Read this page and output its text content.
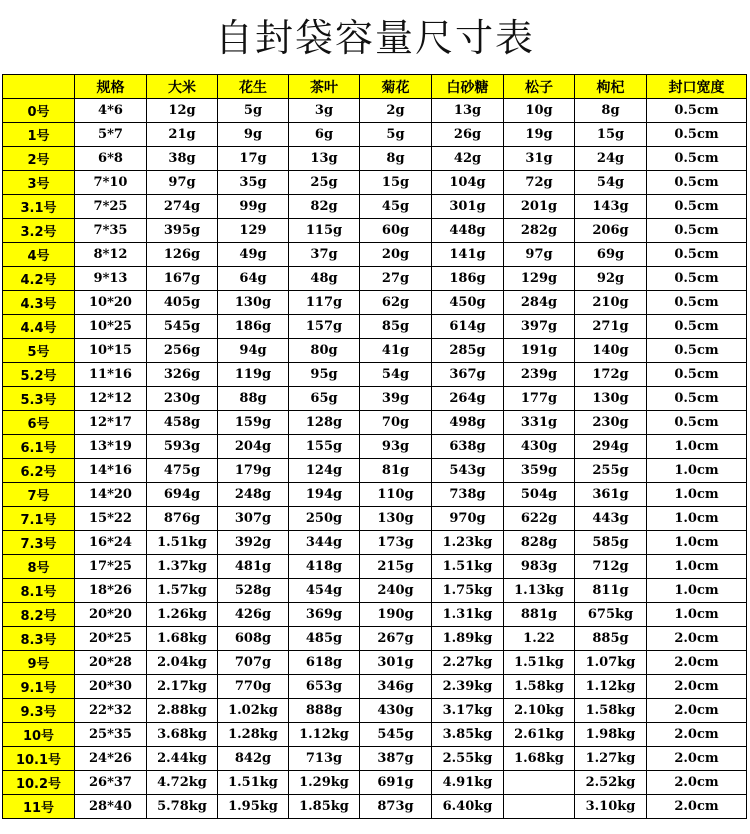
自封袋容量尺寸表
	规格	大米	花生	茶叶	菊花	白砂糖	松子	枸杞	封口宽度
0号	4*6	12g	5g	3g	2g	13g	10g	8g	0.5cm
1号	5*7	21g	9g	6g	5g	26g	19g	15g	0.5cm
2号	6*8	38g	17g	13g	8g	42g	31g	24g	0.5cm
3号	7*10	97g	35g	25g	15g	104g	72g	54g	0.5cm
3.1号	7*25	274g	99g	82g	45g	301g	201g	143g	0.5cm
3.2号	7*35	395g	129	115g	60g	448g	282g	206g	0.5cm
4号	8*12	126g	49g	37g	20g	141g	97g	69g	0.5cm
4.2号	9*13	167g	64g	48g	27g	186g	129g	92g	0.5cm
4.3号	10*20	405g	130g	117g	62g	450g	284g	210g	0.5cm
4.4号	10*25	545g	186g	157g	85g	614g	397g	271g	0.5cm
5号	10*15	256g	94g	80g	41g	285g	191g	140g	0.5cm
5.2号	11*16	326g	119g	95g	54g	367g	239g	172g	0.5cm
5.3号	12*12	230g	88g	65g	39g	264g	177g	130g	0.5cm
6号	12*17	458g	159g	128g	70g	498g	331g	230g	0.5cm
6.1号	13*19	593g	204g	155g	93g	638g	430g	294g	1.0cm
6.2号	14*16	475g	179g	124g	81g	543g	359g	255g	1.0cm
7号	14*20	694g	248g	194g	110g	738g	504g	361g	1.0cm
7.1号	15*22	876g	307g	250g	130g	970g	622g	443g	1.0cm
7.3号	16*24	1.51kg	392g	344g	173g	1.23kg	828g	585g	1.0cm
8号	17*25	1.37kg	481g	418g	215g	1.51kg	983g	712g	1.0cm
8.1号	18*26	1.57kg	528g	454g	240g	1.75kg	1.13kg	811g	1.0cm
8.2号	20*20	1.26kg	426g	369g	190g	1.31kg	881g	675kg	1.0cm
8.3号	20*25	1.68kg	608g	485g	267g	1.89kg	1.22	885g	2.0cm
9号	20*28	2.04kg	707g	618g	301g	2.27kg	1.51kg	1.07kg	2.0cm
9.1号	20*30	2.17kg	770g	653g	346g	2.39kg	1.58kg	1.12kg	2.0cm
9.3号	22*32	2.88kg	1.02kg	888g	430g	3.17kg	2.10kg	1.58kg	2.0cm
10号	25*35	3.68kg	1.28kg	1.12kg	545g	3.85kg	2.61kg	1.98kg	2.0cm
10.1号	24*26	2.44kg	842g	713g	387g	2.55kg	1.68kg	1.27kg	2.0cm
10.2号	26*37	4.72kg	1.51kg	1.29kg	691g	4.91kg		2.52kg	2.0cm
11号	28*40	5.78kg	1.95kg	1.85kg	873g	6.40kg		3.10kg	2.0cm
